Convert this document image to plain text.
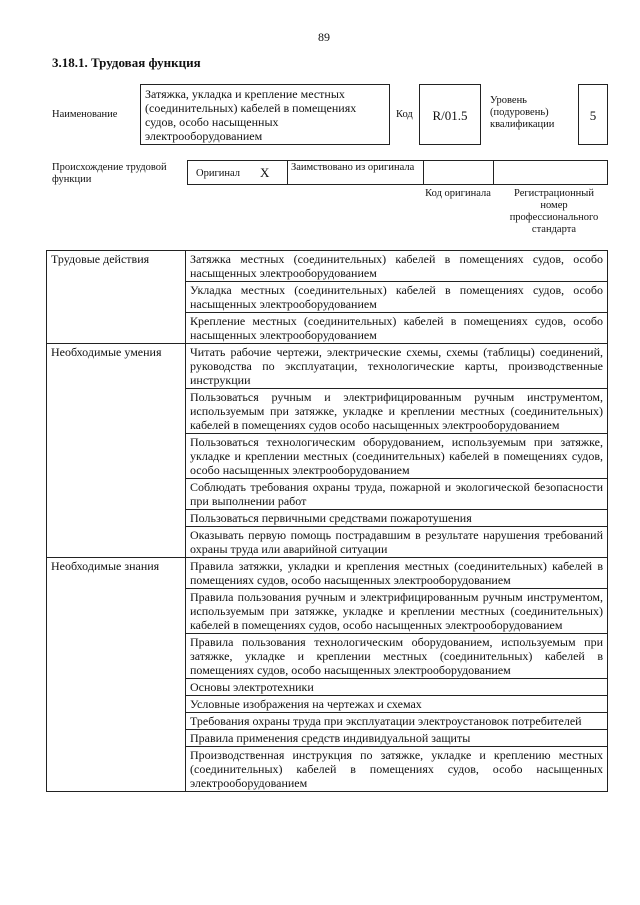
89
3.18.1. Трудовая функция
Наименование
Затяжка, укладка и крепление местных (соединительных) кабелей в помещениях судов, особо насыщенных электрооборудованием
Код	R/01.5
Уровень (подуровень) квалификации
5
Происхождение трудовой функции
Оригинал X Заимствовано из оригинала
Код оригинала	Регистрационный номер профессионального стандарта
Трудовые действия	Затяжка местных (соединительных) кабелей в помещениях судов, особо насыщенных электрооборудованием
	Укладка местных (соединительных) кабелей в помещениях судов, особо насыщенных электрооборудованием
	Крепление местных (соединительных) кабелей в помещениях судов, особо насыщенных электрооборудованием
Необходимые умения	Читать рабочие чертежи, электрические схемы, схемы (таблицы) соединений, руководства по эксплуатации, технологические карты, производственные инструкции
	Пользоваться ручным и электрифицированным ручным инструментом, используемым при затяжке, укладке и креплении местных (соединительных) кабелей в помещениях судов особо насыщенных электрооборудованием
	Пользоваться технологическим оборудованием, используемым при затяжке, укладке и креплении местных (соединительных) кабелей в помещениях судов, особо насыщенных электрооборудованием
	Соблюдать требования охраны труда, пожарной и экологической безопасности при выполнении работ
	Пользоваться первичными средствами пожаротушения
	Оказывать первую помощь пострадавшим в результате нарушения требований охраны труда или аварийной ситуации
Необходимые знания	Правила затяжки, укладки и крепления местных (соединительных) кабелей в помещениях судов, особо насыщенных электрооборудованием
	Правила пользования ручным и электрифицированным ручным инструментом, используемым при затяжке, укладке и креплении местных (соединительных) кабелей в помещениях судов, особо насыщенных электрооборудованием
	Правила пользования технологическим оборудованием, используемым при затяжке, укладке и креплении местных (соединительных) кабелей в помещениях судов, особо насыщенных электрооборудованием
	Основы электротехники
	Условные изображения на чертежах и схемах
	Требования охраны труда при эксплуатации электроустановок потребителей
	Правила применения средств индивидуальной защиты
	Производственная инструкция по затяжке, укладке и креплению местных (соединительных) кабелей в помещениях судов, особо насыщенных электрооборудованием
